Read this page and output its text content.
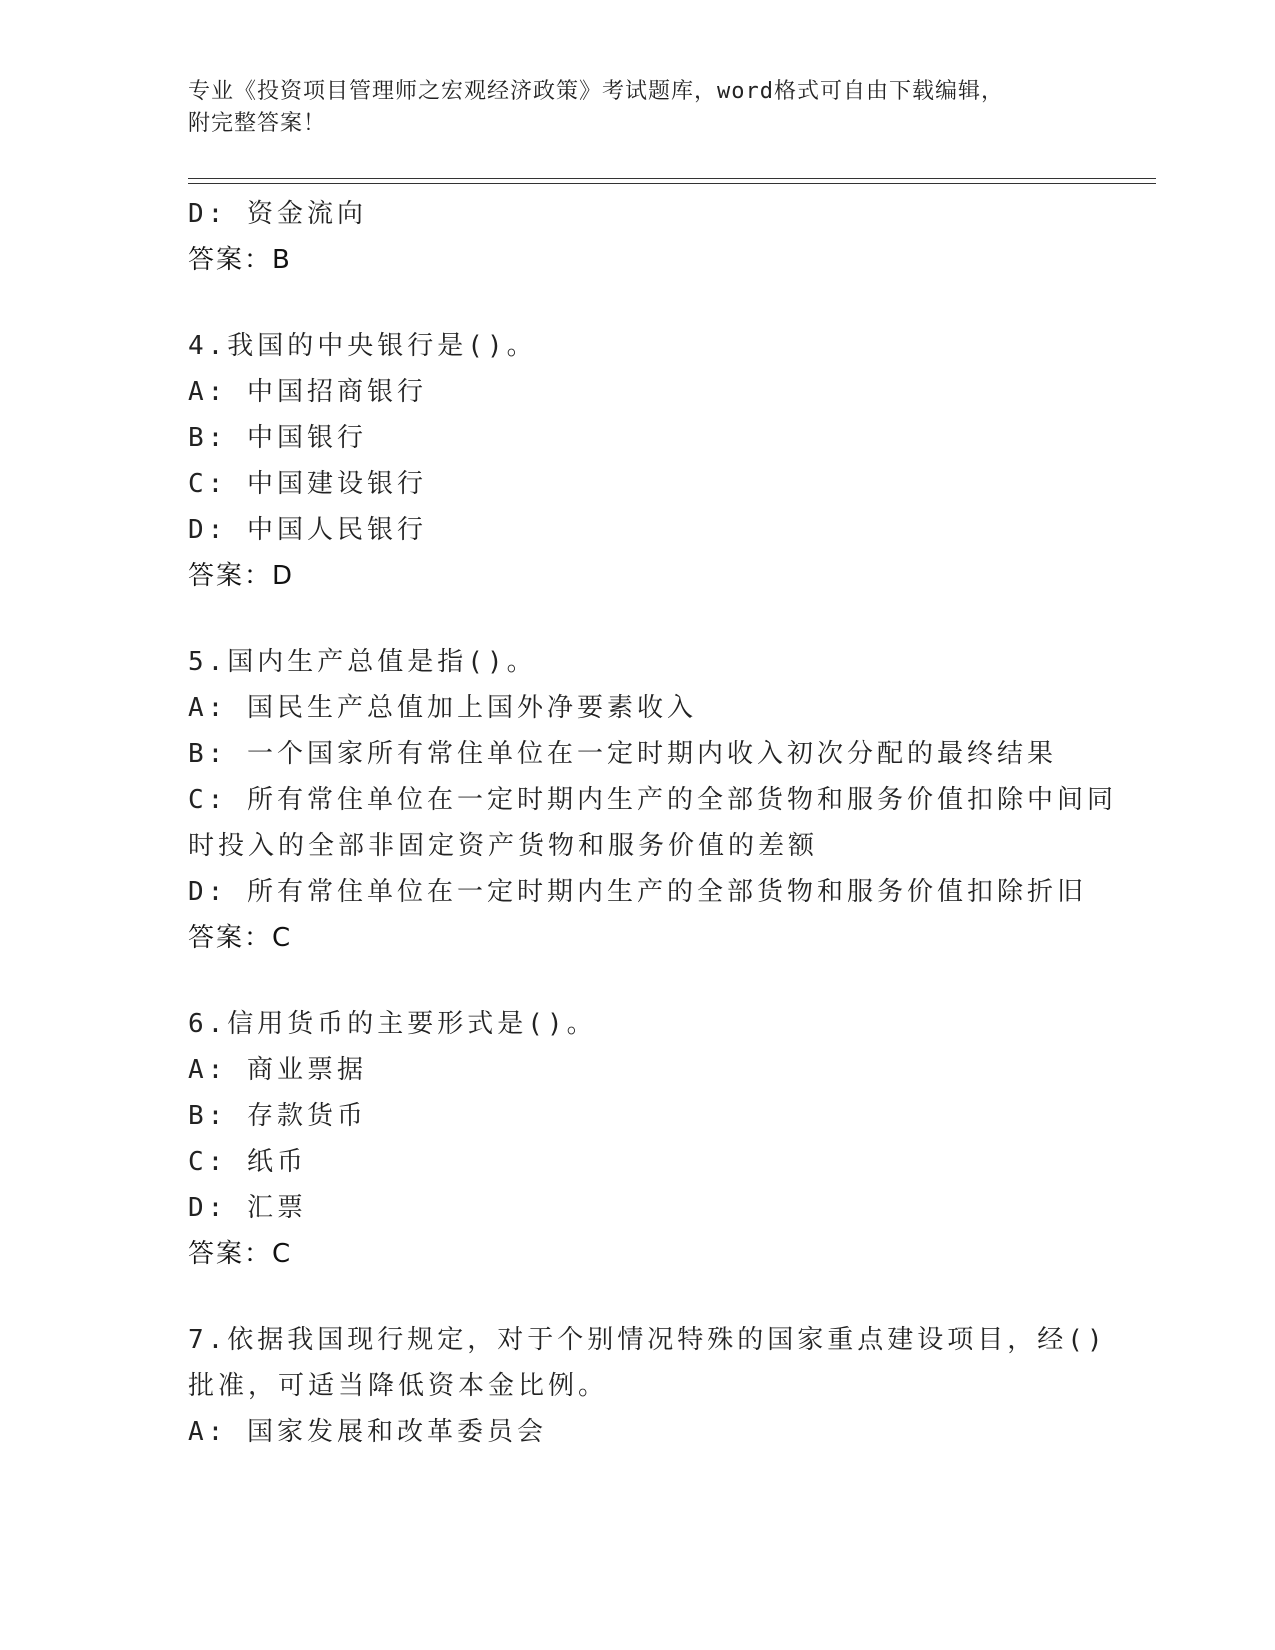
专业《投资项目管理师之宏观经济政策》考试题库，word格式可自由下载编辑，
附完整答案！
D: 资金流向
答案：B
4.我国的中央银行是()。
A: 中国招商银行
B: 中国银行
C: 中国建设银行
D: 中国人民银行
答案：D
5.国内生产总值是指()。
A: 国民生产总值加上国外净要素收入
B: 一个国家所有常住单位在一定时期内收入初次分配的最终结果
C: 所有常住单位在一定时期内生产的全部货物和服务价值扣除中间同
时投入的全部非固定资产货物和服务价值的差额
D: 所有常住单位在一定时期内生产的全部货物和服务价值扣除折旧
答案：C
6.信用货币的主要形式是()。
A: 商业票据
B: 存款货币
C: 纸币
D: 汇票
答案：C
7.依据我国现行规定，对于个别情况特殊的国家重点建设项目，经()
批准，可适当降低资本金比例。
A: 国家发展和改革委员会
